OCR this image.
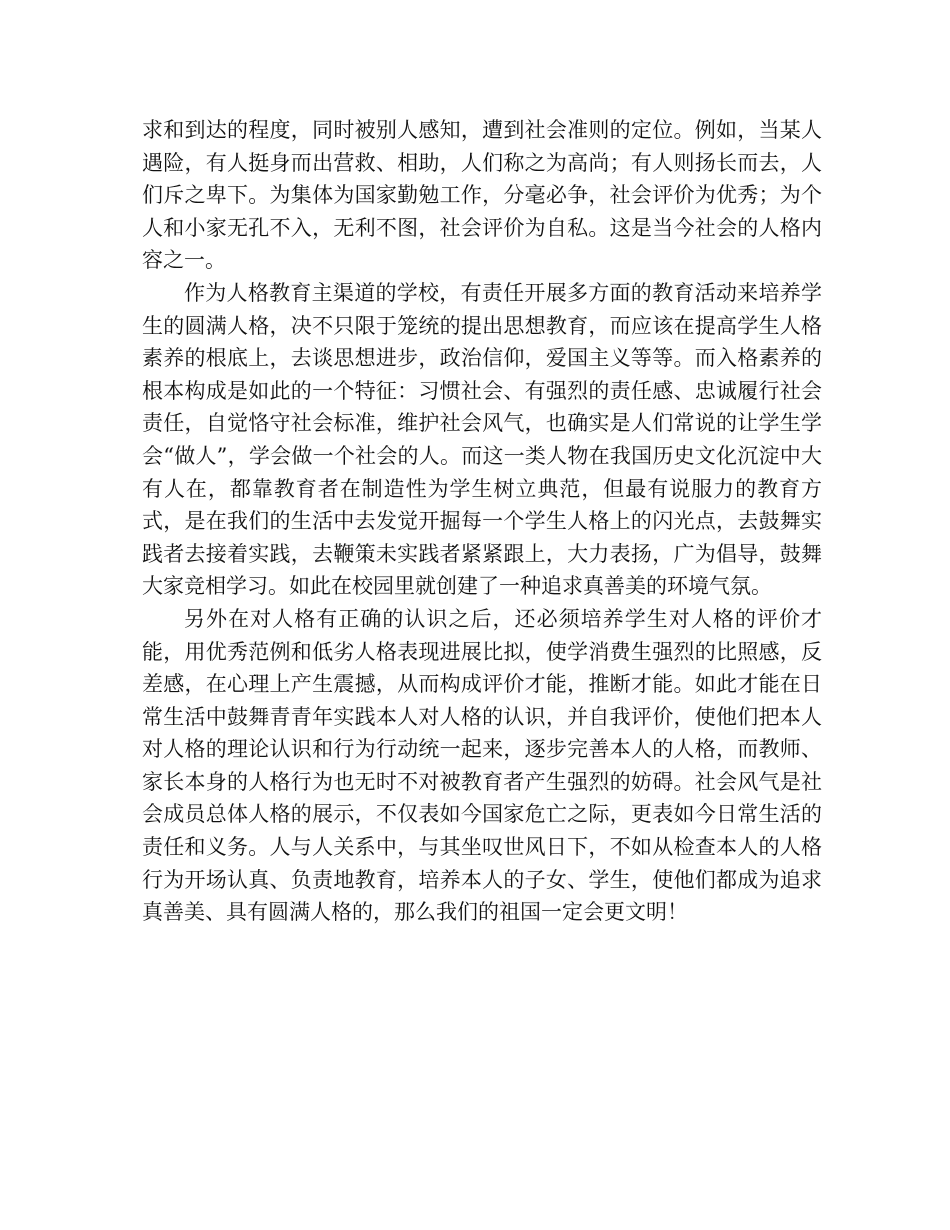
求和到达的程度，同时被别人感知，遭到社会准则的定位。例如，当某人遇险，有人挺身而出营救、相助，人们称之为高尚；有人则扬长而去，人们斥之卑下。为集体为国家勤勉工作，分毫必争，社会评价为优秀；为个人和小家无孔不入，无利不图，社会评价为自私。这是当今社会的人格内容之一。

作为人格教育主渠道的学校，有责任开展多方面的教育活动来培养学生的圆满人格，决不只限于笼统的提出思想教育，而应该在提高学生人格素养的根底上，去谈思想进步，政治信仰，爱国主义等等。而入格素养的根本构成是如此的一个特征：习惯社会、有强烈的责任感、忠诚履行社会责任，自觉恪守社会标准，维护社会风气，也确实是人们常说的让学生学会“做人”，学会做一个社会的人。而这一类人物在我国历史文化沉淀中大有人在，都靠教育者在制造性为学生树立典范，但最有说服力的教育方式，是在我们的生活中去发觉开掘每一个学生人格上的闪光点，去鼓舞实践者去接着实践，去鞭策未实践者紧紧跟上，大力表扬，广为倡导，鼓舞大家竞相学习。如此在校园里就创建了一种追求真善美的环境气氛。

另外在对人格有正确的认识之后，还必须培养学生对人格的评价才能，用优秀范例和低劣人格表现进展比拟，使学消费生强烈的比照感，反差感，在心理上产生震撼，从而构成评价才能，推断才能。如此才能在日常生活中鼓舞青青年实践本人对人格的认识，并自我评价，使他们把本人对人格的理论认识和行为行动统一起来，逐步完善本人的人格，而教师、家长本身的人格行为也无时不对被教育者产生强烈的妨碍。社会风气是社会成员总体人格的展示，不仅表如今国家危亡之际，更表如今日常生活的责任和义务。人与人关系中，与其坐叹世风日下，不如从检查本人的人格行为开场认真、负责地教育，培养本人的子女、学生，使他们都成为追求真善美、具有圆满人格的，那么我们的祖国一定会更文明！
